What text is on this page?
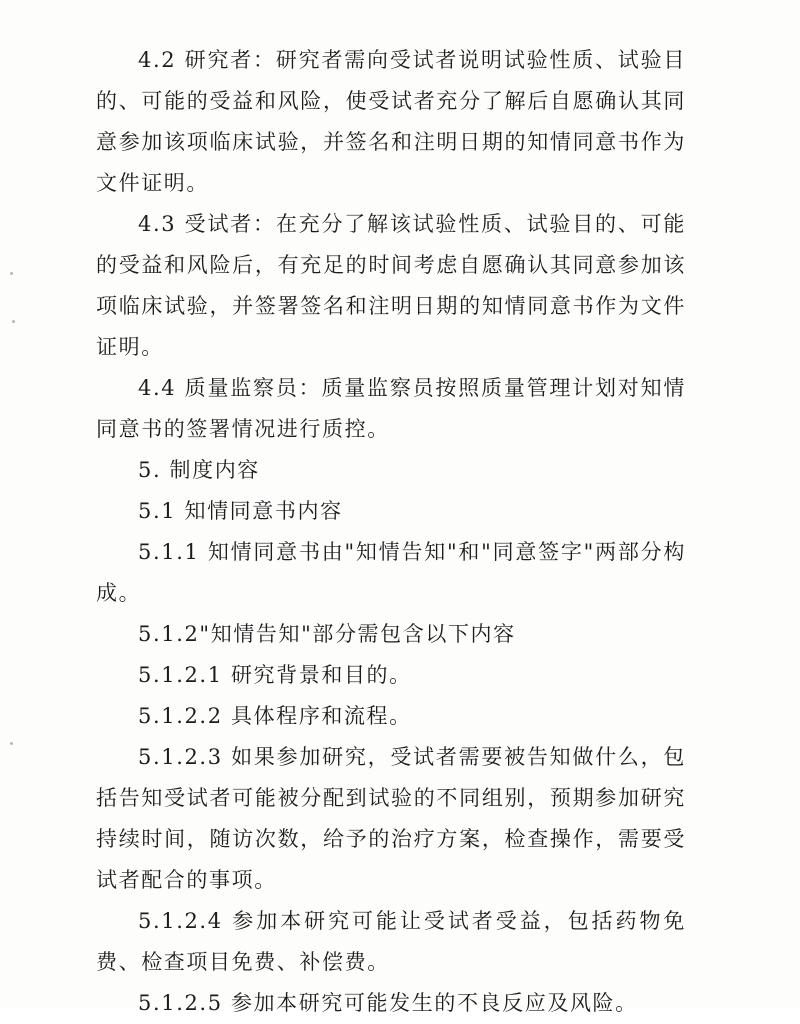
4.2 研究者：研究者需向受试者说明试验性质、试验目的、可能的受益和风险，使受试者充分了解后自愿确认其同意参加该项临床试验，并签名和注明日期的知情同意书作为文件证明。

4.3 受试者：在充分了解该试验性质、试验目的、可能的受益和风险后，有充足的时间考虑自愿确认其同意参加该项临床试验，并签署签名和注明日期的知情同意书作为文件证明。

4.4 质量监察员：质量监察员按照质量管理计划对知情同意书的签署情况进行质控。

5. 制度内容

5.1 知情同意书内容

5.1.1 知情同意书由"知情告知"和"同意签字"两部分构成。

5.1.2"知情告知"部分需包含以下内容

5.1.2.1 研究背景和目的。

5.1.2.2 具体程序和流程。

5.1.2.3 如果参加研究，受试者需要被告知做什么，包括告知受试者可能被分配到试验的不同组别，预期参加研究持续时间，随访次数，给予的治疗方案，检查操作，需要受试者配合的事项。

5.1.2.4 参加本研究可能让受试者受益，包括药物免费、检查项目免费、补偿费。

5.1.2.5 参加本研究可能发生的不良反应及风险。
